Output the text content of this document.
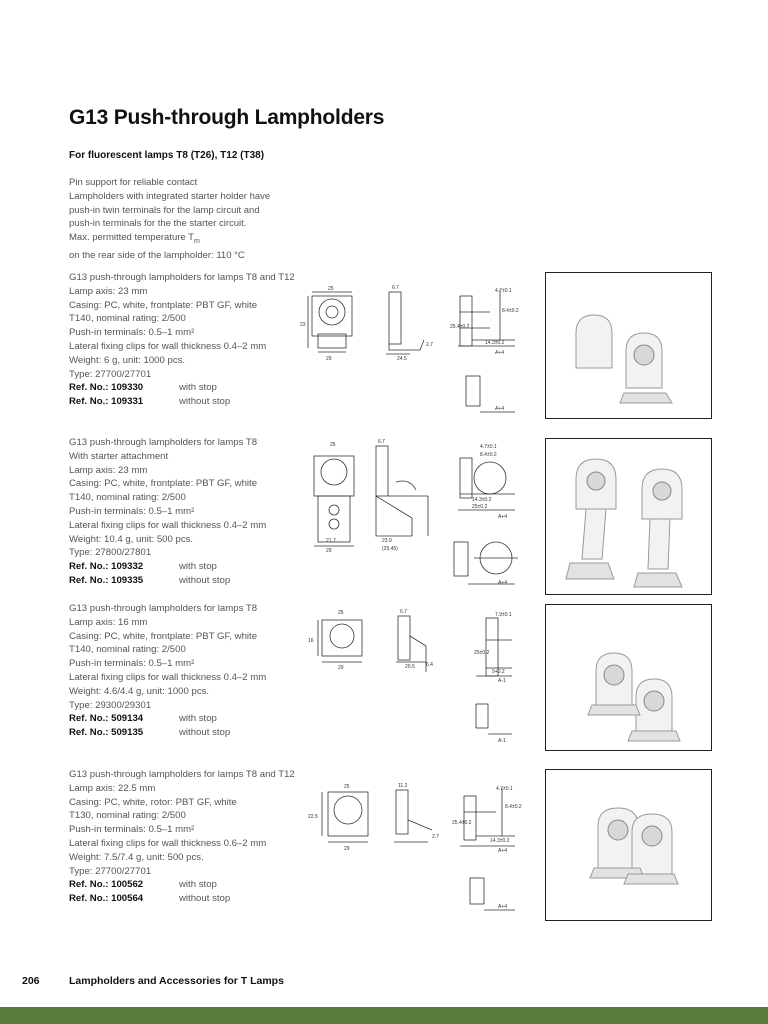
G13 Push-through Lampholders
For fluorescent lamps T8 (T26), T12 (T38)
Pin support for reliable contact
Lampholders with integrated starter holder have
push-in twin terminals for the lamp circuit and
push-in terminals for the the starter circuit.
Max. permitted temperature $T_m$
on the rear side of the lampholder: 110 °C
G13 push-through lampholders for lamps T8 and T12
Lamp axis: 23 mm
Casing: PC, white, frontplate: PBT GF, white
T140, nominal rating: 2/500
Push-in terminals: 0.5–1 mm²
Lateral fixing clips for wall thickness 0.4–2 mm
Weight: 6 g, unit: 1000 pcs.
Type: 27700/27701
Ref. No.: 109330	with stop
Ref. No.: 109331	without stop
25	6.7	4.7±0.1
8.4±0.2
25.4±0.2
29	24.5
23
14.3±0.2
A+4
A+4
2.7
G13 push-through lampholders for lamps T8
With starter attachment
Lamp axis: 23 mm
Casing: PC, white, frontplate: PBT GF, white
T140, nominal rating: 2/500
Push-in terminals: 0.5–1 mm²
Lateral fixing clips for wall thickness 0.4–2 mm
Weight: 10.4 g, unit: 500 pcs.
Type: 27800/27801
Ref. No.: 109332	with stop
Ref. No.: 109335	without stop
25	6.7
4.7±0.1
8.4±0.2
29
23.9
(25.45)
21.7
14.3±0.2
25±0.2
A+4
A+4
G13 push-through lampholders for lamps T8
Lamp axis: 16 mm
Casing: PC, white, frontplate: PBT GF, white
T140, nominal rating: 2/500
Push-in terminals: 0.5–1 mm²
Lateral fixing clips for wall thickness 0.4–2 mm
Weight: 4.6/4.4 g, unit: 1000 pcs.
Type: 29300/29301
Ref. No.: 509134	with stop
Ref. No.: 509135	without stop
25	6.7	7.9±0.1
25±0.2
29	20.5
9+0.2
A-1
A-1
16
6.4
G13 push-through lampholders for lamps T8 and T12
Lamp axis: 22.5 mm
Casing: PC, white, rotor: PBT GF, white
T130, nominal rating: 2/500
Push-in terminals: 0.5–1 mm²
Lateral fixing clips for wall thickness 0.6–2 mm
Weight: 7.5/7.4 g, unit: 500 pcs.
Type: 27700/27701
Ref. No.: 100562	with stop
Ref. No.: 100564	without stop
25	11.2	4.7±0.1
8.4±0.2
29
22.5
25.4±0.2
14.3±0.2
A+4
A+4
2.7
206	Lampholders and Accessories for T Lamps
